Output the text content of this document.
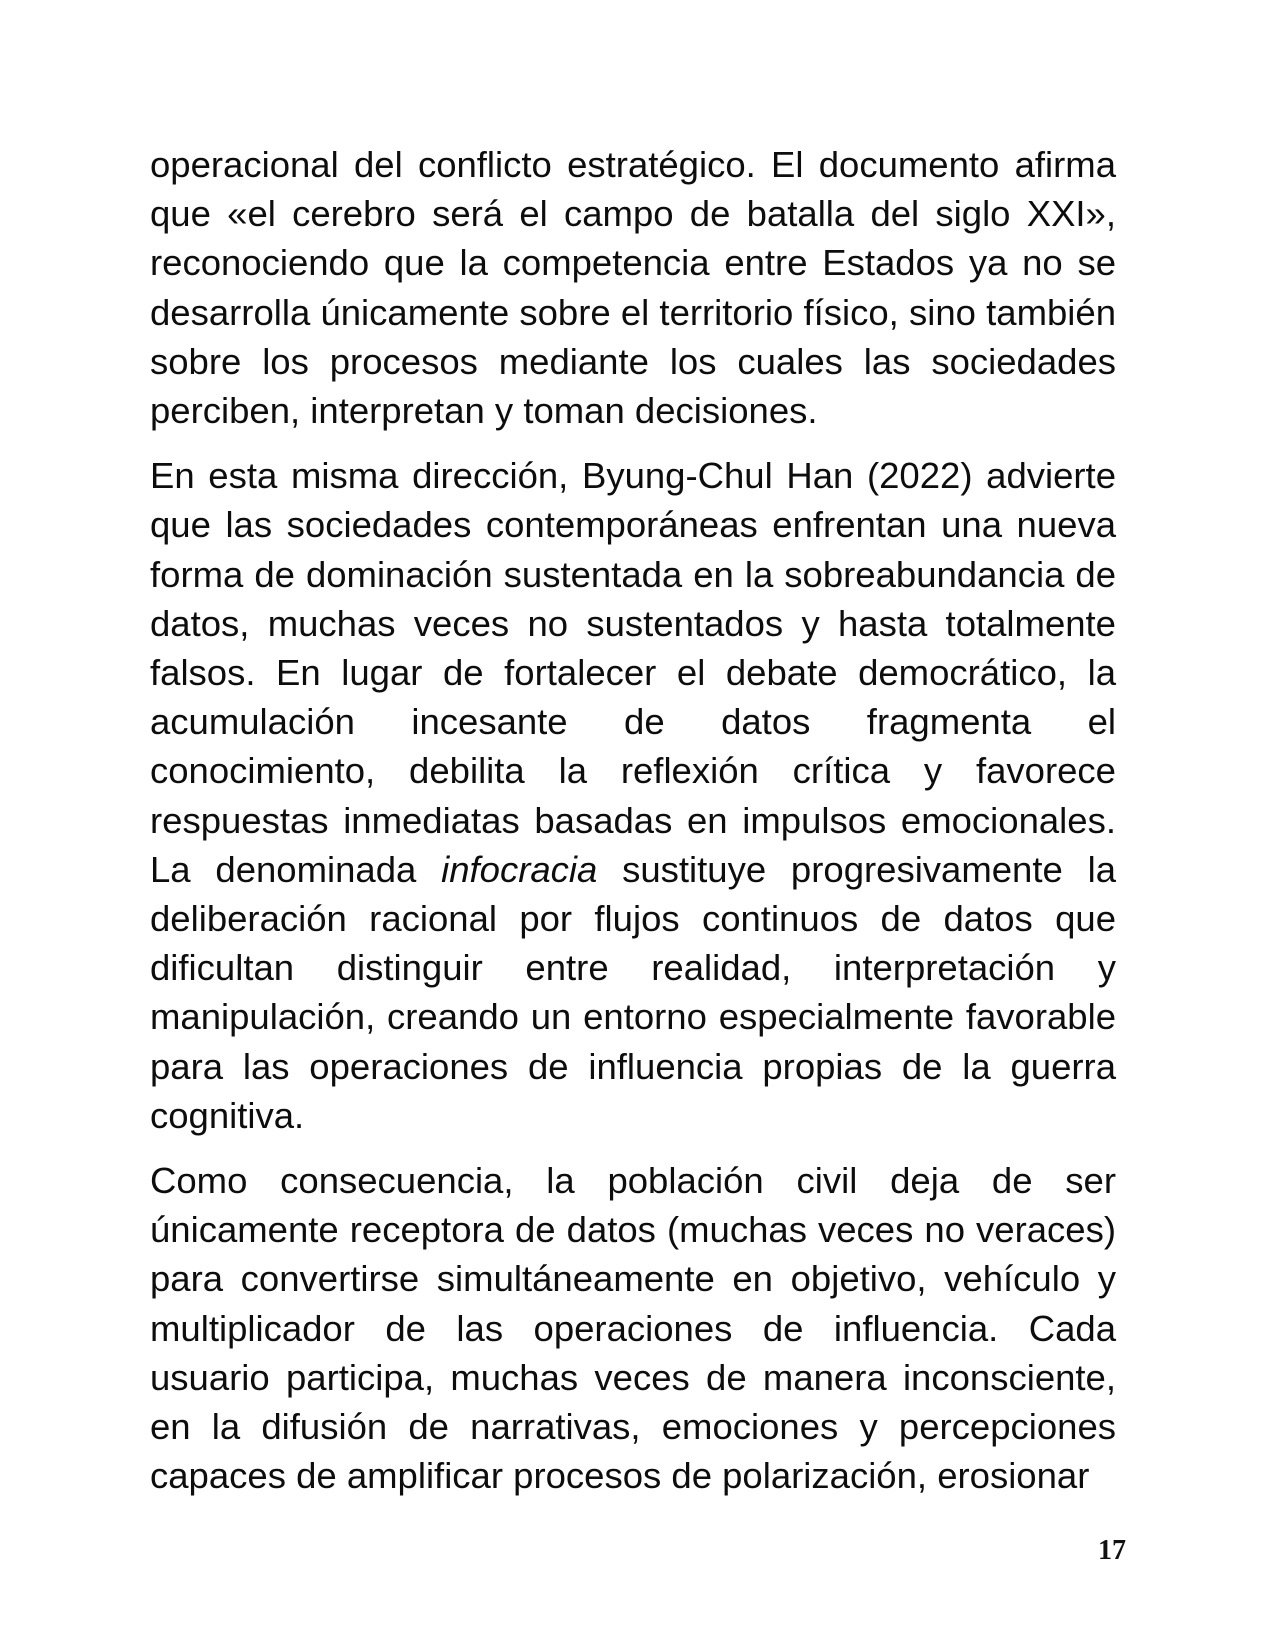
operacional del conflicto estratégico. El documento afirma que «el cerebro será el campo de batalla del siglo XXI», reconociendo que la competencia entre Estados ya no se desarrolla únicamente sobre el territorio físico, sino también sobre los procesos mediante los cuales las sociedades perciben, interpretan y toman decisiones.

En esta misma dirección, Byung-Chul Han (2022) advierte que las sociedades contemporáneas enfrentan una nueva forma de dominación sustentada en la sobreabundancia de datos, muchas veces no sustentados y hasta totalmente falsos. En lugar de fortalecer el debate democrático, la acumulación incesante de datos fragmenta el conocimiento, debilita la reflexión crítica y favorece respuestas inmediatas basadas en impulsos emocionales. La denominada infocracia sustituye progresivamente la deliberación racional por flujos continuos de datos que dificultan distinguir entre realidad, interpretación y manipulación, creando un entorno especialmente favorable para las operaciones de influencia propias de la guerra cognitiva.

Como consecuencia, la población civil deja de ser únicamente receptora de datos (muchas veces no veraces) para convertirse simultáneamente en objetivo, vehículo y multiplicador de las operaciones de influencia. Cada usuario participa, muchas veces de manera inconsciente, en la difusión de narrativas, emociones y percepciones capaces de amplificar procesos de polarización, erosionar

17
